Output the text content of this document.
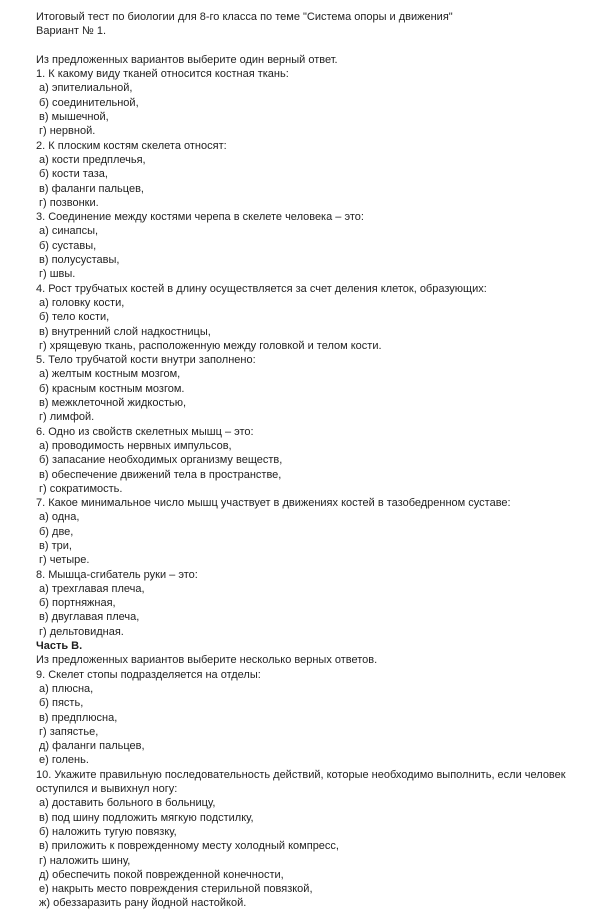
Итоговый тест по биологии для 8-го класса по теме "Система опоры и движения"
Вариант № 1.
Из предложенных вариантов выберите один верный ответ.
1. К какому виду тканей относится костная ткань:
а) эпителиальной,
б) соединительной,
в) мышечной,
г) нервной.
2. К плоским костям скелета относят:
а) кости предплечья,
б) кости таза,
в) фаланги пальцев,
г) позвонки.
3. Соединение между костями черепа в скелете человека – это:
а) синапсы,
б) суставы,
в) полусуставы,
г) швы.
4. Рост трубчатых костей в длину осуществляется за счет деления клеток, образующих:
а) головку кости,
б) тело кости,
в) внутренний слой надкостницы,
г) хрящевую ткань, расположенную между головкой и телом кости.
5. Тело трубчатой кости внутри заполнено:
а) желтым костным мозгом,
б) красным костным мозгом.
в) межклеточной жидкостью,
г) лимфой.
6. Одно из свойств скелетных мышц – это:
а) проводимость нервных импульсов,
б) запасание необходимых организму веществ,
в) обеспечение движений тела в пространстве,
г) сократимость.
7. Какое минимальное число мышц участвует в движениях костей в тазобедренном суставе:
а) одна,
б) две,
в) три,
г) четыре.
8. Мышца-сгибатель руки – это:
а) трехглавая плеча,
б) портняжная,
в) двуглавая плеча,
г) дельтовидная.
Часть В.
Из предложенных вариантов выберите несколько верных ответов.
9. Скелет стопы подразделяется на отделы:
а) плюсна,
б) пясть,
в) предплюсна,
г) запястье,
д) фаланги пальцев,
е) голень.
10. Укажите правильную последовательность действий, которые необходимо выполнить, если человек оступился и вывихнул ногу:
а) доставить больного в больницу,
в) под шину подложить мягкую подстилку,
б) наложить тугую повязку,
в) приложить к поврежденному месту холодный компресс,
г) наложить шину,
д) обеспечить покой поврежденной конечности,
е) накрыть место повреждения стерильной повязкой,
ж) обеззаразить рану йодной настойкой.
